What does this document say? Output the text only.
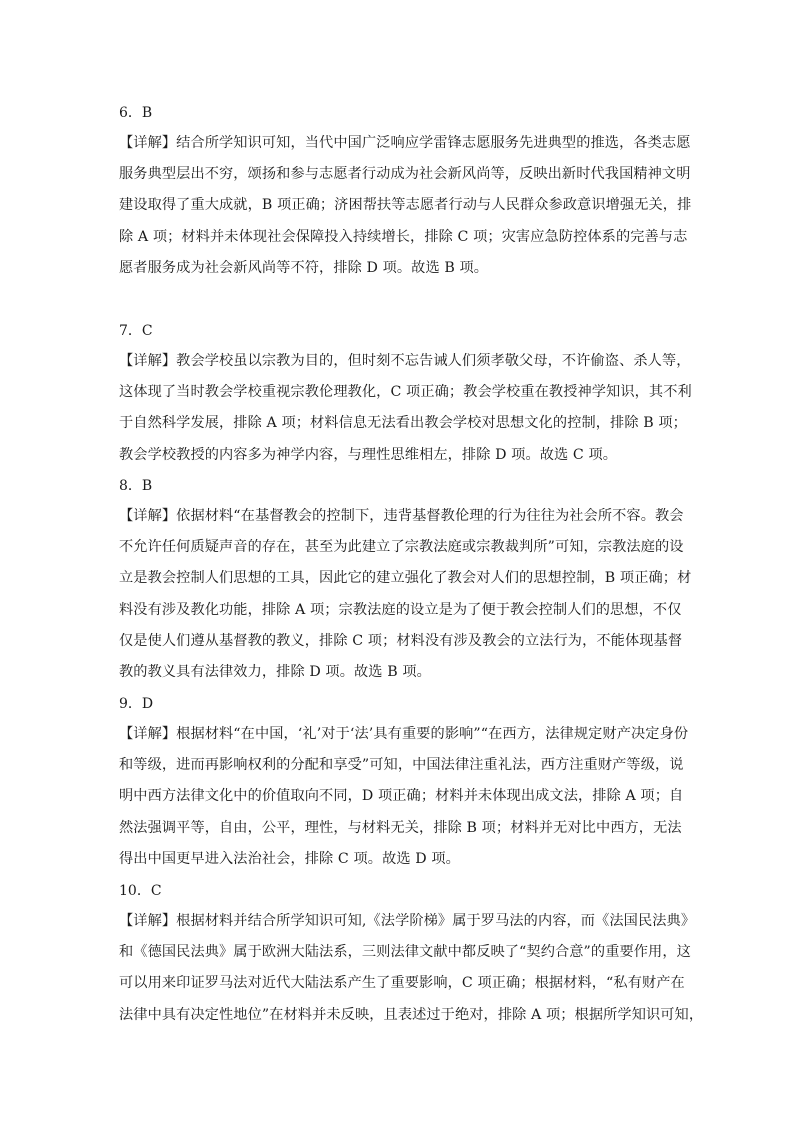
6．B
【详解】结合所学知识可知，当代中国广泛响应学雷锋志愿服务先进典型的推选，各类志愿
服务典型层出不穷，颂扬和参与志愿者行动成为社会新风尚等，反映出新时代我国精神文明
建设取得了重大成就，B 项正确；济困帮扶等志愿者行动与人民群众参政意识增强无关，排
除 A 项；材料并未体现社会保障投入持续增长，排除 C 项；灾害应急防控体系的完善与志
愿者服务成为社会新风尚等不符，排除 D 项。故选 B 项。
7．C
【详解】教会学校虽以宗教为目的，但时刻不忘告诫人们须孝敬父母，不许偷盗、杀人等，
这体现了当时教会学校重视宗教伦理教化，C 项正确；教会学校重在教授神学知识，其不利
于自然科学发展，排除 A 项；材料信息无法看出教会学校对思想文化的控制，排除 B 项；
教会学校教授的内容多为神学内容，与理性思维相左，排除 D 项。故选 C 项。
8．B
【详解】依据材料“在基督教会的控制下，违背基督教伦理的行为往往为社会所不容。教会
不允许任何质疑声音的存在，甚至为此建立了宗教法庭或宗教裁判所”可知，宗教法庭的设
立是教会控制人们思想的工具，因此它的建立强化了教会对人们的思想控制，B 项正确；材
料没有涉及教化功能，排除 A 项；宗教法庭的设立是为了便于教会控制人们的思想，不仅
仅是使人们遵从基督教的教义，排除 C 项；材料没有涉及教会的立法行为，不能体现基督
教的教义具有法律效力，排除 D 项。故选 B 项。
9．D
【详解】根据材料“在中国，‘礼’对于‘法’具有重要的影响”“在西方，法律规定财产决定身份
和等级，进而再影响权利的分配和享受”可知，中国法律注重礼法，西方注重财产等级，说
明中西方法律文化中的价值取向不同，D 项正确；材料并未体现出成文法，排除 A 项；自
然法强调平等，自由，公平，理性，与材料无关，排除 B 项；材料并无对比中西方，无法
得出中国更早进入法治社会，排除 C 项。故选 D 项。
10．C
【详解】根据材料并结合所学知识可知,《法学阶梯》属于罗马法的内容，而《法国民法典》
和《德国民法典》属于欧洲大陆法系，三则法律文献中都反映了“契约合意”的重要作用，这
可以用来印证罗马法对近代大陆法系产生了重要影响，C 项正确；根据材料，“私有财产在
法律中具有决定性地位”在材料并未反映，且表述过于绝对，排除 A 项；根据所学知识可知，
